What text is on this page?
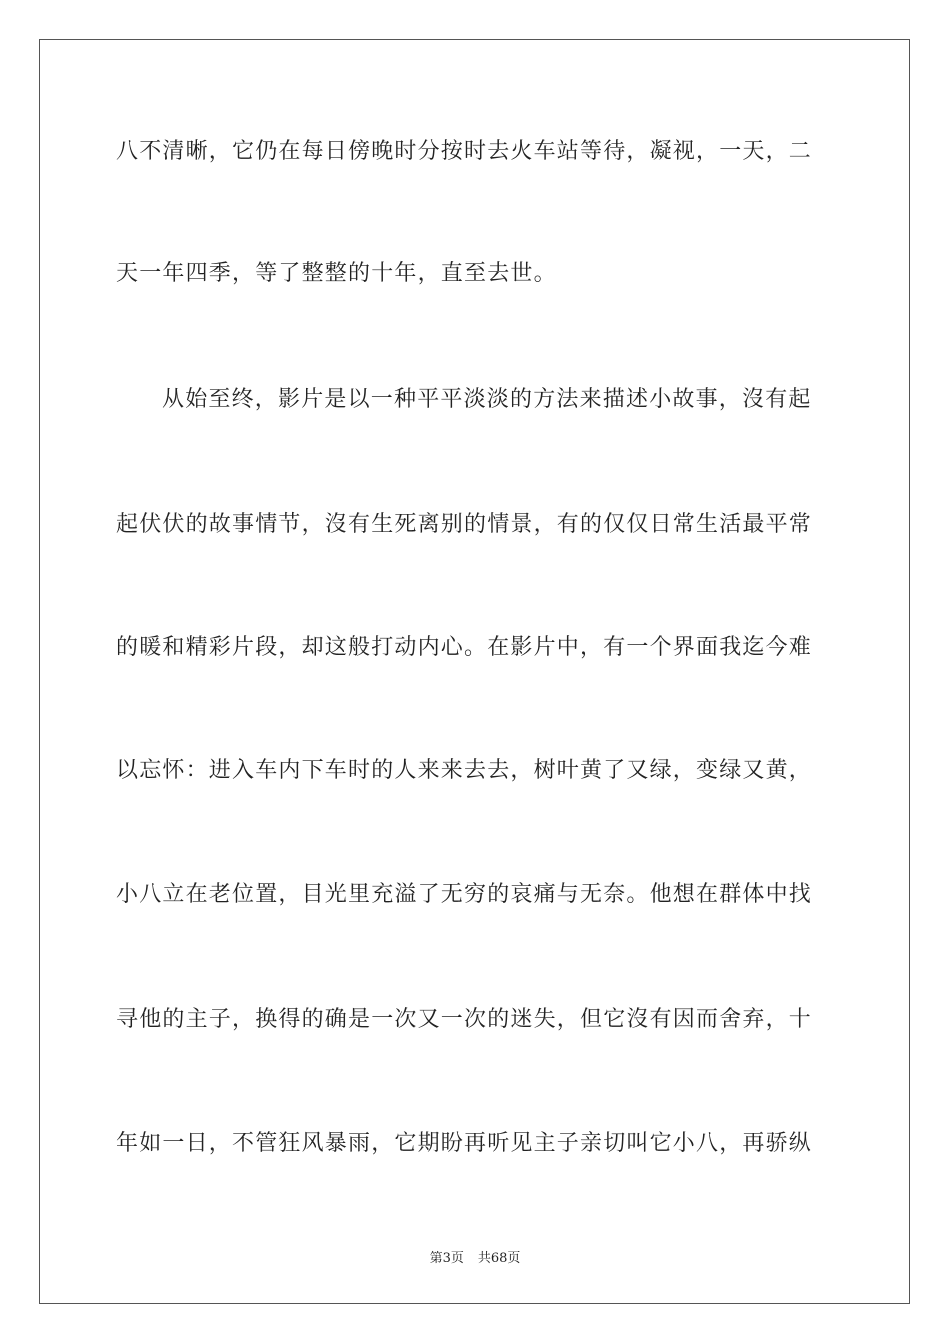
八不清晰，它仍在每日傍晚时分按时去火车站等待，凝视，一天，二
天一年四季，等了整整的十年，直至去世。
从始至终，影片是以一种平平淡淡的方法来描述小故事，沒有起
起伏伏的故事情节，沒有生死离别的情景，有的仅仅日常生活最平常
的暖和精彩片段，却这般打动内心。在影片中，有一个界面我迄今难
以忘怀：进入车内下车时的人来来去去，树叶黄了又绿，变绿又黄，
小八立在老位置，目光里充溢了无穷的哀痛与无奈。他想在群体中找
寻他的主子，换得的确是一次又一次的迷失，但它沒有因而舍弃，十
年如一日，不管狂风暴雨，它期盼再听见主子亲切叫它小八，再骄纵
第3页 共68页
